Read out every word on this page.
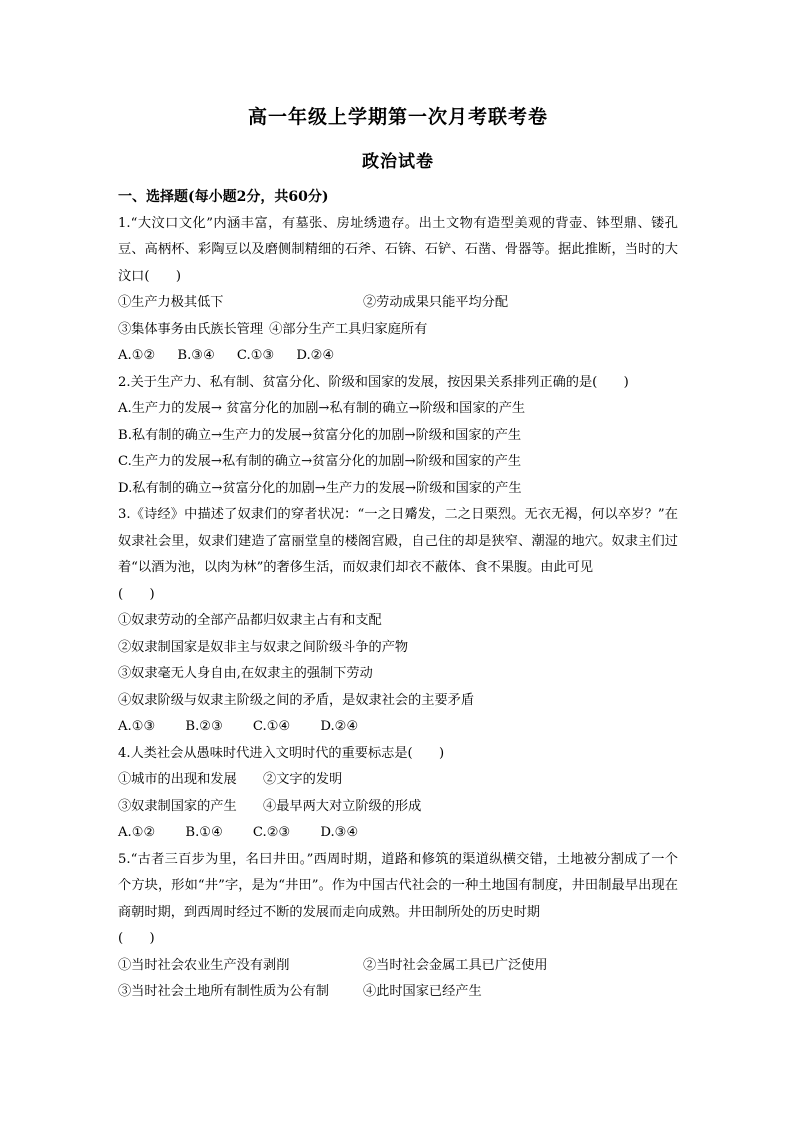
高一年级上学期第一次月考联考卷
政治试卷
一、选择题(每小题2分，共60分)
1.“大汶口文化”内涵丰富，有墓张、房址绣遗存。出土文物有造型美观的背壶、钵型鼎、镂孔豆、高柄杯、彩陶豆以及磨侧制精细的石斧、石锛、石铲、石凿、骨器等。据此推断，当时的大汶口(　　)
①生产力极其低下	②劳动成果只能平均分配
③集体事务由氏族长管理 ④部分生产工具归家庭所有
A.①② B.③④ C.①③ D.②④
2.关于生产力、私有制、贫富分化、阶级和国家的发展，按因果关系排列正确的是(　　)
A.生产力的发展→ 贫富分化的加剧→私有制的确立→阶级和国家的产生
B.私有制的确立→生产力的发展→贫富分化的加剧→阶级和国家的产生
C.生产力的发展→私有制的确立→贫富分化的加剧→阶级和国家的产生
D.私有制的确立→贫富分化的加剧→生产力的发展→阶级和国家的产生
3.《诗经》中描述了奴隶们的穿者状况：“一之日觱发，二之日栗烈。无衣无褐，何以卒岁？”在奴隶社会里，奴隶们建造了富丽堂皇的楼阁宫殿，自己住的却是狭窄、潮湿的地穴。奴隶主们过着“以酒为池，以肉为林”的奢侈生活，而奴隶们却衣不蔽体、食不果腹。由此可见
(　　)
①奴隶劳动的全部产品都归奴隶主占有和支配
②奴隶制国家是奴非主与奴隶之间阶级斗争的产物
③奴隶毫无人身自由,在奴隶主的强制下劳动
④奴隶阶级与奴隶主阶级之间的矛盾，是奴隶社会的主要矛盾
A.①③ B.②③ C.①④ D.②④
4.人类社会从愚味时代进入文明时代的重要标志是(　　)
①城市的出现和发展　　②文字的发明
③奴隶制国家的产生　　④最早两大对立阶级的形成
A.①② B.①④ C.②③ D.③④
5.“古者三百步为里，名曰井田。”西周时期，道路和修筑的渠道纵横交错，土地被分割成了一个个方块，形如“井”字，是为“井田”。作为中国古代社会的一种土地国有制度，井田制最早出现在商朝时期，到西周时经过不断的发展而走向成熟。井田制所处的历史时期
(　　)
①当时社会农业生产没有剥削	②当时社会金属工具已广泛使用
③当时社会土地所有制性质为公有制	④此时国家已经产生
